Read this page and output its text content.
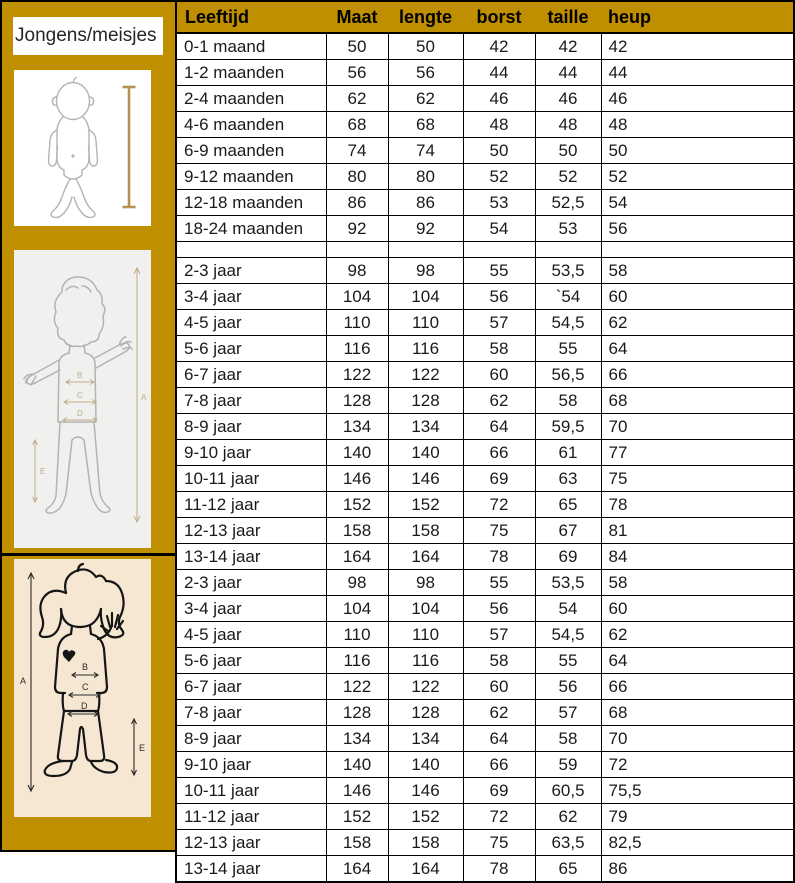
Jongens/meisjes
A
B
C
D
E
A
B
C
D
E
Leeftijd	Maat	lengte	borst	taille	heup
0-1 maand	50	50	42	42	42
1-2 maanden	56	56	44	44	44
2-4 maanden	62	62	46	46	46
4-6 maanden	68	68	48	48	48
6-9 maanden	74	74	50	50	50
9-12 maanden	80	80	52	52	52
12-18 maanden	86	86	53	52,5	54
18-24 maanden	92	92	54	53	56

2-3 jaar	98	98	55	53,5	58
3-4 jaar	104	104	56	`54	60
4-5 jaar	110	110	57	54,5	62
5-6 jaar	116	116	58	55	64
6-7 jaar	122	122	60	56,5	66
7-8 jaar	128	128	62	58	68
8-9 jaar	134	134	64	59,5	70
9-10 jaar	140	140	66	61	77
10-11 jaar	146	146	69	63	75
11-12 jaar	152	152	72	65	78
12-13 jaar	158	158	75	67	81
13-14 jaar	164	164	78	69	84
2-3 jaar	98	98	55	53,5	58
3-4 jaar	104	104	56	54	60
4-5 jaar	110	110	57	54,5	62
5-6 jaar	116	116	58	55	64
6-7 jaar	122	122	60	56	66
7-8 jaar	128	128	62	57	68
8-9 jaar	134	134	64	58	70
9-10 jaar	140	140	66	59	72
10-11 jaar	146	146	69	60,5	75,5
11-12 jaar	152	152	72	62	79
12-13 jaar	158	158	75	63,5	82,5
13-14 jaar	164	164	78	65	86
